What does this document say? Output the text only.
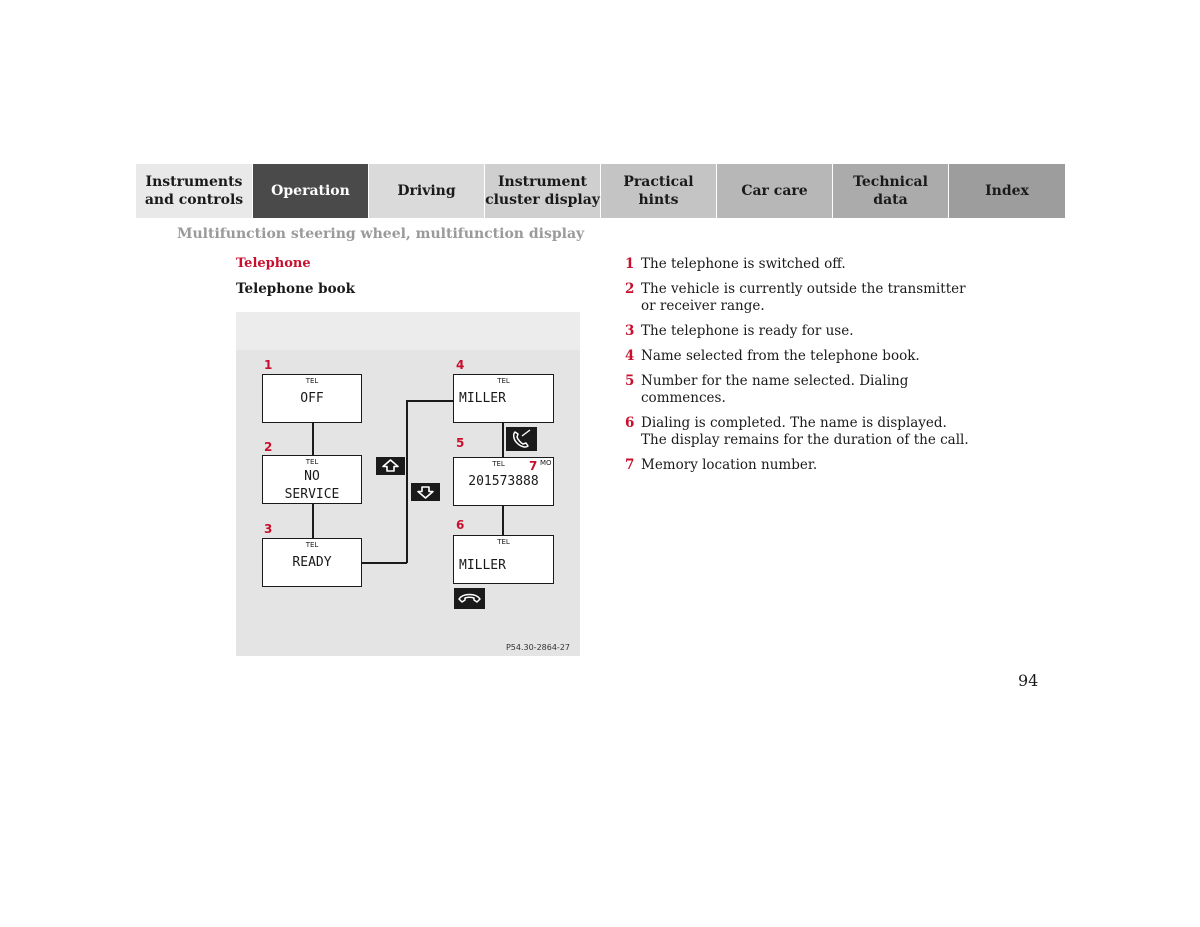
Instruments
and controls
Operation	Driving
Instrument
cluster display
Practical hints
Car care
Technical
data
Index
Multifunction steering wheel, multifunction display
Telephone
Telephone book
1
2
3
4
5
6
TEL
OFF
TEL
NO
SERVICE
TEL
READY
TEL
MILLER
TEL	7 MO
201573888
TEL
MILLER
P54.30-2864-27
1 The telephone is switched off.
2 The vehicle is currently outside the transmitter or receiver range.
3 The telephone is ready for use.
4 Name selected from the telephone book.
5 Number for the name selected. Dialing commences.
6 Dialing is completed. The name is displayed. The display remains for the duration of the call.
7 Memory location number.
94
